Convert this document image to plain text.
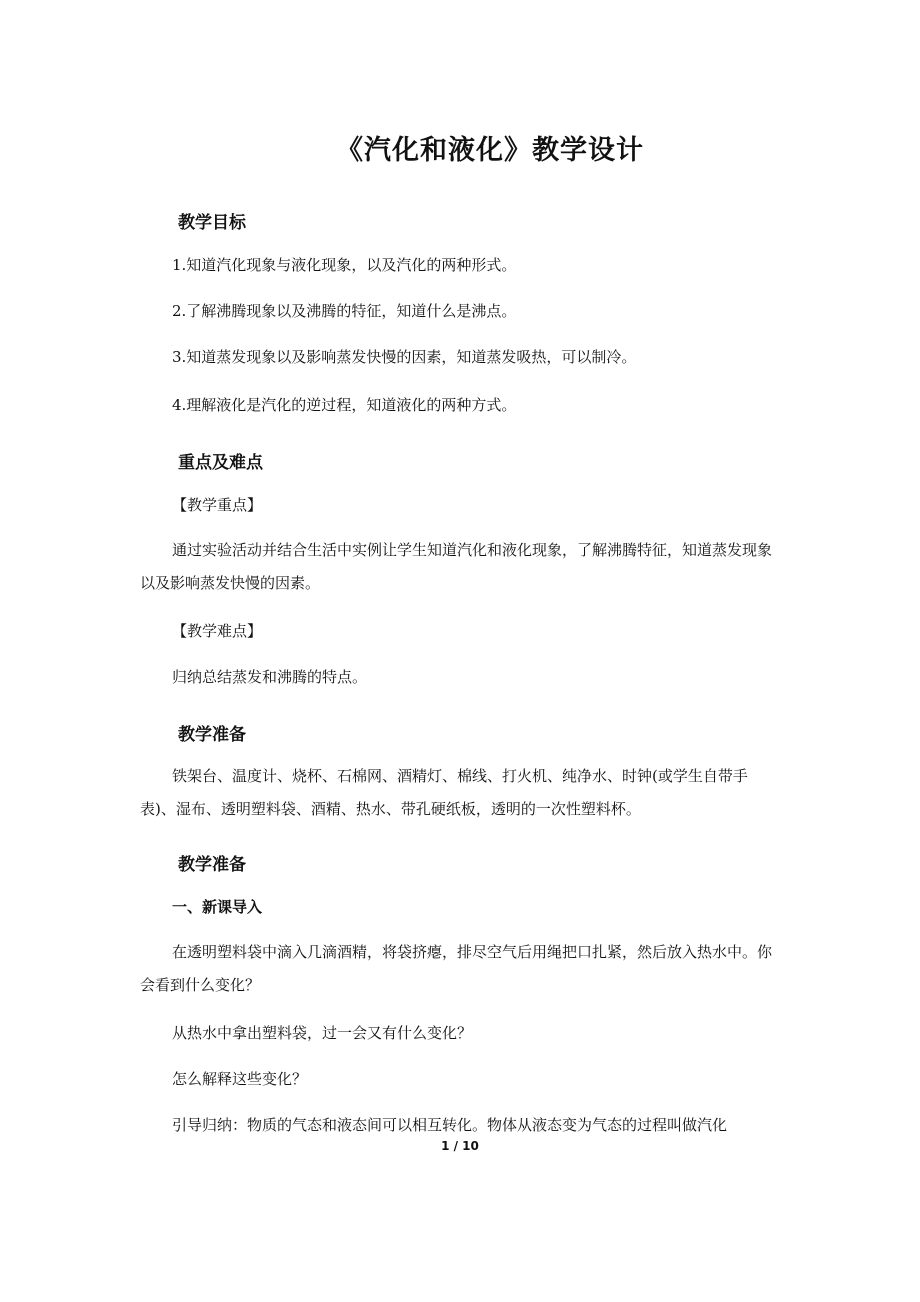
《汽化和液化》教学设计
教学目标
1.知道汽化现象与液化现象，以及汽化的两种形式。
2.了解沸腾现象以及沸腾的特征，知道什么是沸点。
3.知道蒸发现象以及影响蒸发快慢的因素，知道蒸发吸热，可以制冷。
4.理解液化是汽化的逆过程，知道液化的两种方式。
重点及难点
【教学重点】
通过实验活动并结合生活中实例让学生知道汽化和液化现象，了解沸腾特征，知道蒸发现象以及影响蒸发快慢的因素。
【教学难点】
归纳总结蒸发和沸腾的特点。
教学准备
铁架台、温度计、烧杯、石棉网、酒精灯、棉线、打火机、纯净水、时钟(或学生自带手表)、湿布、透明塑料袋、酒精、热水、带孔硬纸板，透明的一次性塑料杯。
教学准备
一、新课导入
在透明塑料袋中滴入几滴酒精，将袋挤瘪，排尽空气后用绳把口扎紧，然后放入热水中。你会看到什么变化？
从热水中拿出塑料袋，过一会又有什么变化？
怎么解释这些变化？
引导归纳：物质的气态和液态间可以相互转化。物体从液态变为气态的过程叫做汽化
1 / 10
